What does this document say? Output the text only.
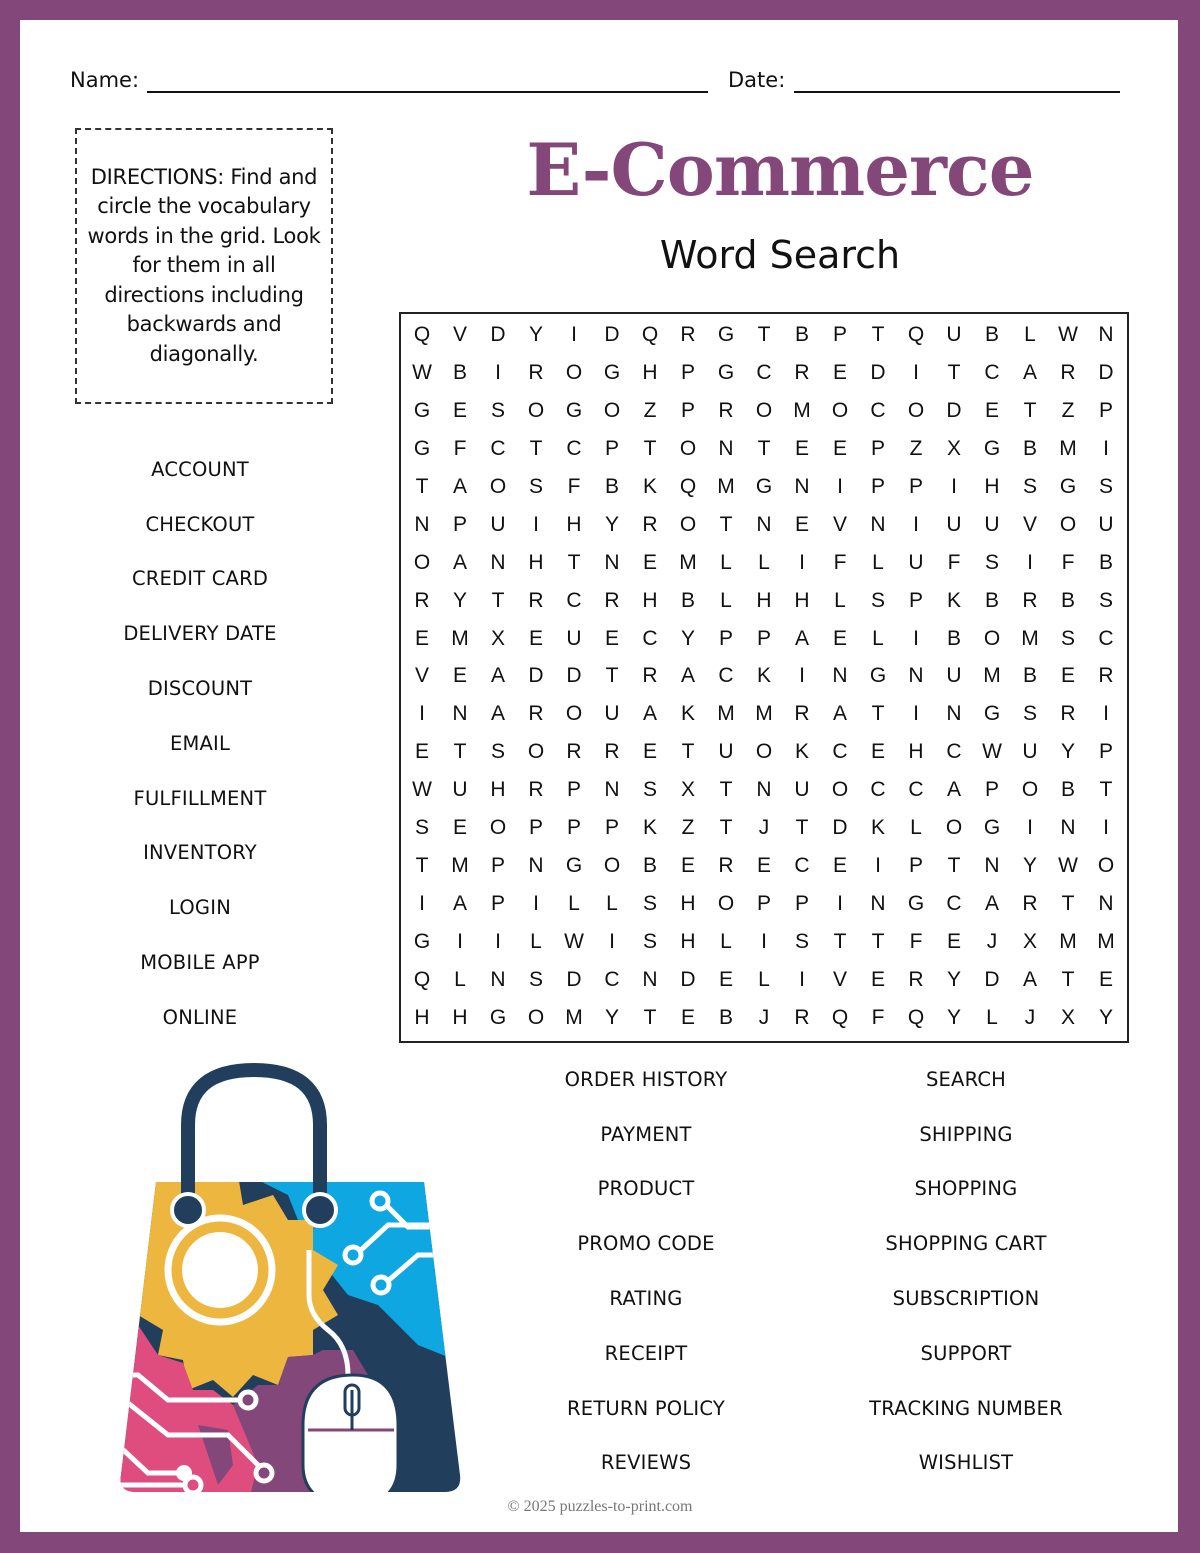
Name:	Date:
DIRECTIONS: Find and circle the vocabulary words in the grid. Look for them in all directions including backwards and diagonally.
E-Commerce
Word Search
Q	V	D	Y	I	D	Q	R	G	T	B	P	T	Q	U	B	L	W N
W	B	I	R	O	G	H	P	G	C	R	E	D	I	T	C	A	R	D
G	E	S	O	G	O	Z	P	R	O	M	O	C	O	D	E	T	Z	P
G	F	C	T	C	P	T	O	N	T	E	E	P	Z	X	G	B	M	I
T	A	O	S	F	B	K	Q	M	G	N	I	P	P	I	H	S	G	S
N	P	U	I	H	Y	R	O	T	N	E	V	N	I	U	U	V	O	U
O	A	N	H	T	N	E	M	L	L	I	F	L	U	F	S	I	F	B
R	Y	T	R	C	R	H	B	L	H	H	L	S	P	K	B	R	B	S
E	M	X	E	U	E	C	Y	P	P	A	E	L	I	B	O	M	S	C
V	E	A	D	D	T	R	A	C	K	I	N	G	N	U	M	B	E	R
I	N	A	R	O	U	A	K	M M	R	A	T	I	N	G	S	R	I
E	T	S	O	R	R	E	T	U	O	K	C	E	H	C W U	Y	P
W U	H	R	P	N	S	X	T	N	U	O	C	C	A	P	O	B	T
S	E	O	P	P	P	K	Z	T	J	T	D	K	L	O	G	I	N	I
T	M	P	N	G	O	B	E	R	E	C	E	I	P	T	N	Y	W O
I	A	P	I	L	L	S	H	O	P	P	I	N	G	C	A	R	T	N
G	I	I	L	W	I	S	H	L	I	S	T	T	F	E	J	X	M M
Q	L	N	S	D	C	N	D	E	L	I	V	E	R	Y	D	A	T	E
H	H	G	O	M	Y	T	E	B	J	R	Q	F	Q	Y	L	J	X	Y
ACCOUNT
CHECKOUT
CREDIT CARD
DELIVERY DATE
DISCOUNT
EMAIL
FULFILLMENT
INVENTORY
LOGIN
MOBILE APP
ONLINE
ORDER HISTORY
PAYMENT
PRODUCT
PROMO CODE
RATING
RECEIPT
RETURN POLICY
REVIEWS
SEARCH
SHIPPING
SHOPPING
SHOPPING CART
SUBSCRIPTION
SUPPORT
TRACKING NUMBER
WISHLIST
© 2025 puzzles-to-print.com
